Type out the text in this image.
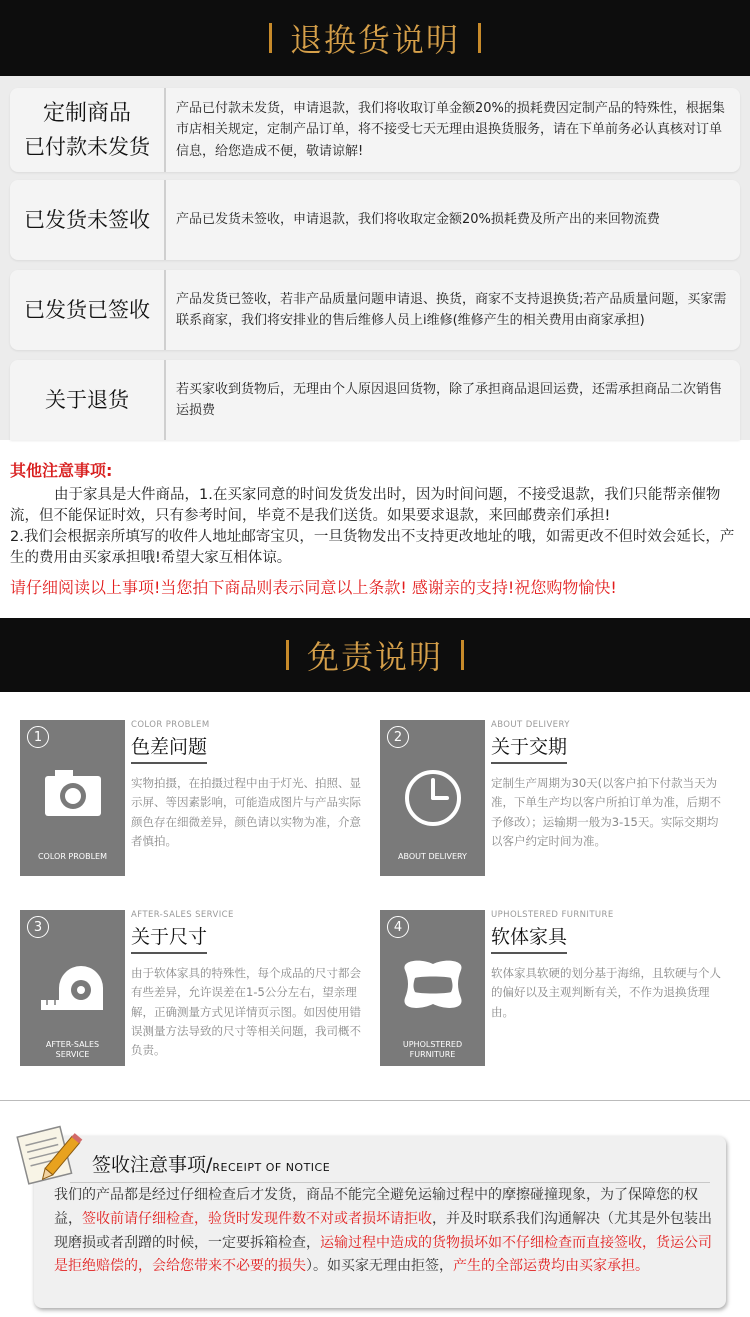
退换货说明
定制商品
已付款未发货
产品已付款未发货，申请退款，我们将收取订单金额20%的损耗费因定制产品的特殊性，根据集市店相关规定，定制产品订单，将不接受七天无理由退换货服务，请在下单前务必认真核对订单信息，给您造成不便，敬请谅解!
已发货未签收	产品已发货未签收，申请退款，我们将收取定金额20%损耗费及所产出的来回物流费
已发货已签收	产品发货已签收，若非产品质量问题申请退、换货，商家不支持退换货;若产品质量问题，买家需联系商家，我们将安排业的售后维修人员上i维修(维修产生的相关费用由商家承担)
关于退货	若买家收到货物后，无理由个人原因退回货物，除了承担商品退回运费，还需承担商品二次销售运损费
其他注意事项:
由于家具是大件商品，1.在买家同意的时间发货发出时，因为时间问题，不接受退款，我们只能帮亲催物流，但不能保证时效，只有参考时间，毕竟不是我们送货。如果要求退款，来回邮费亲们承担!
2.我们会根据亲所填写的收件人地址邮寄宝贝，一旦货物发出不支持更改地址的哦，如需更改不但时效会延长，产生的费用由买家承担哦!希望大家互相体谅。
请仔细阅读以上事项!当您拍下商品则表示同意以上条款! 感谢亲的支持!祝您购物愉快!
免责说明
1
COLOR PROBLEM
COLOR PROBLEM
色差问题
实物拍摄，在拍摄过程中由于灯光、拍照、显示屏、等因素影响，可能造成图片与产品实际颜色存在细微差异，颜色请以实物为准，介意者慎拍。
2
ABOUT DELIVERY
ABOUT DELIVERY
关于交期
定制生产周期为30天(以客户拍下付款当天为准，下单生产均以客户所拍订单为准，后期不予修改）；运输期一般为3-15天。实际交期均以客户约定时间为准。
3
AFTER-SALES
SERVICE
AFTER-SALES SERVICE
关于尺寸
由于软体家具的特殊性，每个成品的尺寸都会有些差异，允许误差在1-5公分左右，望亲理解，正确测量方式见详情页示图。如因使用错误测量方法导致的尺寸等相关问题，我司概不负责。
4
UPHOLSTERED
FURNITURE
UPHOLSTERED FURNITURE
软体家具
软体家具软硬的划分基于海绵，且软硬与个人的偏好以及主观判断有关，不作为退换货理由。
签收注意事项/RECEIPT OF NOTICE
我们的产品都是经过仔细检查后才发货，商品不能完全避免运输过程中的摩擦碰撞现象，为了保障您的权益，签收前请仔细检查，验货时发现件数不对或者损坏请拒收，并及时联系我们沟通解决（尤其是外包装出现磨损或者刮蹭的时候，一定要拆箱检查，运输过程中造成的货物损坏如不仔细检查而直接签收，货运公司是拒绝赔偿的，会给您带来不必要的损失）。如买家无理由拒签，产生的全部运费均由买家承担。
